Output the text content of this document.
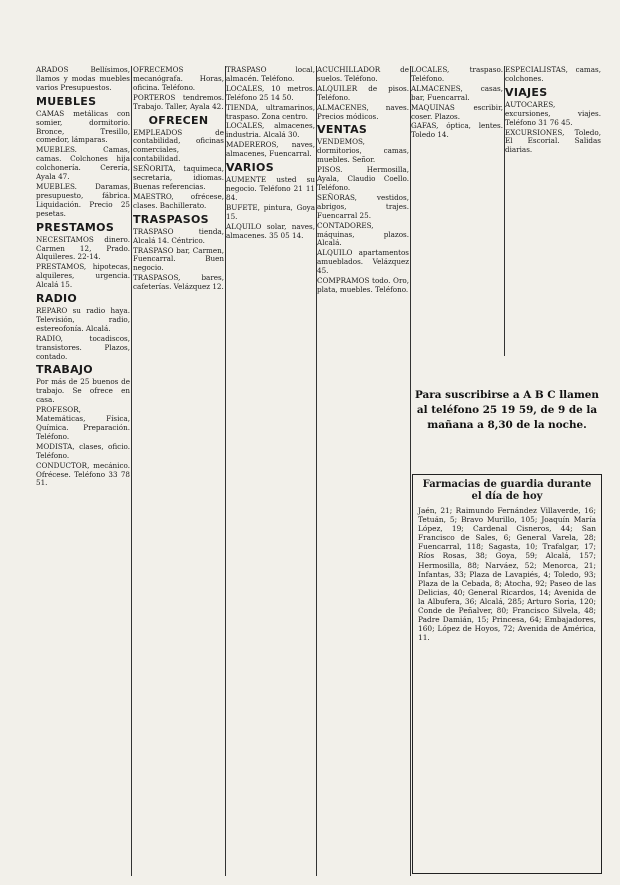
ARADOS Bellísimos, llamos y modas muebles varios Presupuestos.

MUEBLES

CAMAS metálicas con somier, dormitorio. Bronce, Tresillo, comedor, lámparas.

MUEBLES. Camas, camas. Colchones hija colchonería. Cerería, Ayala 47.

MUEBLES. Daramas, presupuesto, fábrica. Liquidación. Precio 25 pesetas.

PRESTAMOS

NECESITAMOS dinero. Carmen 12, Prado. Alquileres. 22-14.

PRESTAMOS, hipotecas, alquileres, urgencia. Alcalá 15.

RADIO

REPARO su radio haya. Televisión, radio, estereofonía. Alcalá.

RADIO, tocadiscos, transistores. Plazos, contado.

TRABAJO

Por más de 25 buenos de trabajo. Se ofrece en casa.

PROFESOR, Matemáticas, Física, Química. Preparación. Teléfono.

MODISTA, clases, oficio. Teléfono.

CONDUCTOR, mecánico. Ofrécese. Teléfono 33 78 51.

OFRECEMOS mecanógrafa. Horas, oficina. Teléfono.

PORTEROS tendremos. Trabajo. Taller, Ayala 42.

OFRECEN

EMPLEADOS de contabilidad, oficinas comerciales, contabilidad.

SEÑORITA, taquimeca, secretaria, idiomas. Buenas referencias.

MAESTRO, ofrécese, clases. Bachillerato.

TRASPASOS

TRASPASO tienda, Alcalá 14. Céntrico.

TRASPASO bar, Carmen, Fuencarral. Buen negocio.

TRASPASOS, bares, cafeterías. Velázquez 12.

TRASPASO local, almacén. Teléfono.

LOCALES, 10 metros. Teléfono 25 14 50.

TIENDA, ultramarinos, traspaso. Zona centro.

LOCALES, almacenes, industria. Alcalá 30.

MADEREROS, naves, almacenes, Fuencarral.

VARIOS

AUMENTE usted su negocio. Teléfono 21 11 84.

BUFETE, pintura, Goya 15.

ALQUILO solar, naves, almacenes. 35 05 14.

ACUCHILLADOR de suelos. Teléfono.

ALQUILER de pisos. Teléfono.

ALMACENES, naves. Precios módicos.

VENTAS

VENDEMOS, dormitorios, camas, muebles. Señor.

PISOS. Hermosilla, Ayala, Claudio Coello. Teléfono.

SEÑORAS, vestidos, abrigos, trajes. Fuencarral 25.

CONTADORES, máquinas, plazos. Alcalá.

ALQUILO apartamentos amueblados. Velázquez 45.

COMPRAMOS todo. Oro, plata, muebles. Teléfono.

LOCALES, traspaso. Teléfono.

ALMACENES, casas, bar, Fuencarral.

MAQUINAS escribir, coser. Plazos.

GAFAS, óptica, lentes. Toledo 14.

ESPECIALISTAS, camas, colchones.

VIAJES

AUTOCARES, excursiones, viajes. Teléfono 31 76 45.

EXCURSIONES, Toledo, El Escorial. Salidas diarias.

Para suscribirse a A B C llamen al teléfono 25 19 59, de 9 de la mañana a 8,30 de la noche.
Farmacias de guardia durante el día de hoy
Jaén, 21; Raimundo Fernández Villaverde, 16; Tetuán, 5; Bravo Murillo, 105; Joaquín María López, 19; Cardenal Cisneros, 44; San Francisco de Sales, 6; General Varela, 28; Fuencarral, 118; Sagasta, 10; Trafalgar, 17; Ríos Rosas, 38; Goya, 59; Alcalá, 157; Hermosilla, 88; Narváez, 52; Menorca, 21; Infantas, 33; Plaza de Lavapiés, 4; Toledo, 93; Plaza de la Cebada, 8; Atocha, 92; Paseo de las Delicias, 40; General Ricardos, 14; Avenida de la Albufera, 36; Alcalá, 285; Arturo Soria, 120; Conde de Peñalver, 80; Francisco Silvela, 48; Padre Damián, 15; Princesa, 64; Embajadores, 160; López de Hoyos, 72; Avenida de América, 11.
